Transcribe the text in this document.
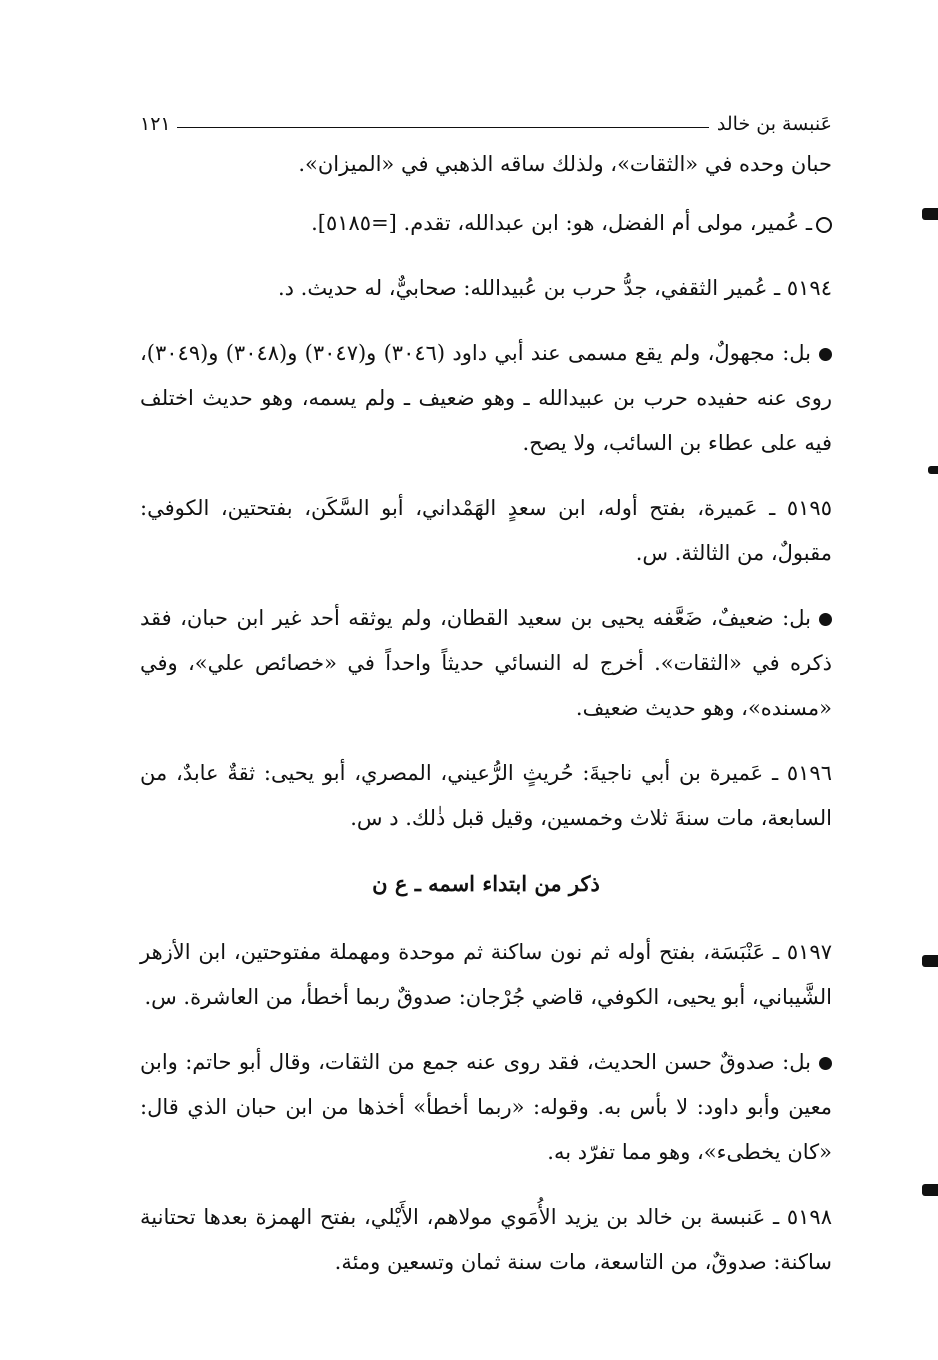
عَنبسة بن خالد
١٢١

حبان وحده في «الثقات»، ولذلك ساقه الذهبي في «الميزان».

ـ عُمير، مولى أم الفضل، هو: ابن عبدالله، تقدم. [=٥١٨٥].

٥١٩٤ ـ عُمير الثقفي، جدُّ حرب بن عُبيدالله: صحابيٌّ، له حديث. د.

بل: مجهولٌ، ولم يقع مسمى عند أبي داود (٣٠٤٦) و(٣٠٤٧) و(٣٠٤٨) و(٣٠٤٩)، روى عنه حفيده حرب بن عبيدالله ـ وهو ضعيف ـ ولم يسمه، وهو حديث اختلف فيه على عطاء بن السائب، ولا يصح.

٥١٩٥ ـ عَميرة، بفتح أوله، ابن سعدٍ الهَمْداني، أبو السَّكَن، بفتحتين، الكوفي: مقبولٌ، من الثالثة. س.

بل: ضعيفٌ، ضَعَّفه يحيى بن سعيد القطان، ولم يوثقه أحد غير ابن حبان، فقد ذكره في «الثقات». أخرج له النسائي حديثاً واحداً في «خصائص علي»، وفي «مسنده»، وهو حديث ضعيف.

٥١٩٦ ـ عَميرة بن أبي ناجيةَ: حُريثٍ الرُّعيني، المصري، أبو يحيى: ثقةٌ عابدٌ، من السابعة، مات سنةَ ثلاث وخمسين، وقيل قبل ذٰلك. د س.

ذكر من ابتداء اسمه ـ ع ن

٥١٩٧ ـ عَنْبَسَة، بفتح أوله ثم نون ساكنة ثم موحدة ومهملة مفتوحتين، ابن الأزهر الشَّيباني، أبو يحيى، الكوفي، قاضي جُرْجان: صدوقٌ ربما أخطأ، من العاشرة. س.

بل: صدوقٌ حسن الحديث، فقد روى عنه جمع من الثقات، وقال أبو حاتم: وابن معين وأبو داود: لا بأس به. وقوله: «ربما أخطأ» أخذها من ابن حبان الذي قال: «كان يخطىء»، وهو مما تفرّد به.

٥١٩٨ ـ عَنبسة بن خالد بن يزيد الأُمَوي مولاهم، الأَيْلي، بفتح الهمزة بعدها تحتانية ساكنة: صدوقٌ، من التاسعة، مات سنة ثمان وتسعين ومئة.
